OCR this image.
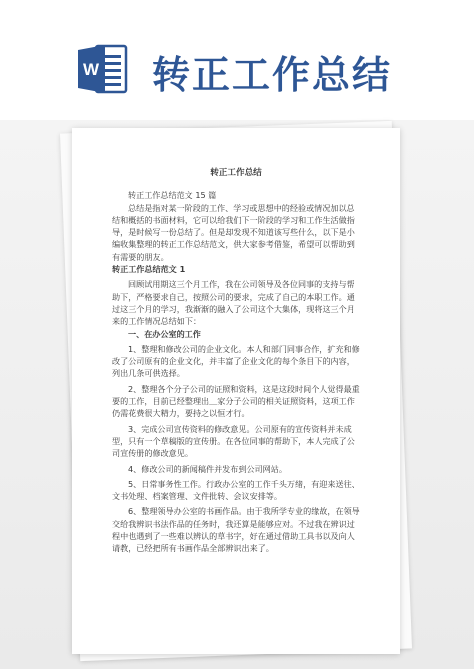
W 转正工作总结
转正工作总结

转正工作总结范文 15 篇

总结是指对某一阶段的工作、学习或思想中的经验或情况加以总结和概括的书面材料，它可以给我们下一阶段的学习和工作生活做指导，是时候写一份总结了。但是却发现不知道该写些什么，以下是小编收集整理的转正工作总结范文，供大家参考借鉴，希望可以帮助到有需要的朋友。

转正工作总结范文 1

回顾试用期这三个月工作，我在公司领导及各位同事的支持与帮助下，严格要求自己，按照公司的要求，完成了自己的本职工作。通过这三个月的学习，我渐渐的融入了公司这个大集体，现将这三个月来的工作情况总结如下：

一、在办公室的工作

1、整理和修改公司的企业文化。本人和部门同事合作，扩充和修改了公司原有的企业文化，并丰富了企业文化的每个条目下的内容，列出几条可供选择。

2、整理各个分子公司的证照和资料，这是这段时间个人觉得最重要的工作，目前已经整理出＿家分子公司的相关证照资料，这项工作仍需花费很大精力，要持之以恒才行。

3、完成公司宣传资料的修改意见。公司原有的宣传资料并未成型，只有一个草稿版的宣传册。在各位同事的帮助下，本人完成了公司宣传册的修改意见。

4、修改公司的新闻稿件并发布到公司网站。

5、日常事务性工作。行政办公室的工作千头万绪，有迎来送往、文书处理、档案管理、文件批转、会议安排等。

6、整理领导办公室的书画作品。由于我所学专业的缘故，在领导交给我辨识书法作品的任务时，我还算是能够应对。不过我在辨识过程中也遇到了一些难以辨认的草书字，好在通过借助工具书以及向人请教，已经把所有书画作品全部辨识出来了。
